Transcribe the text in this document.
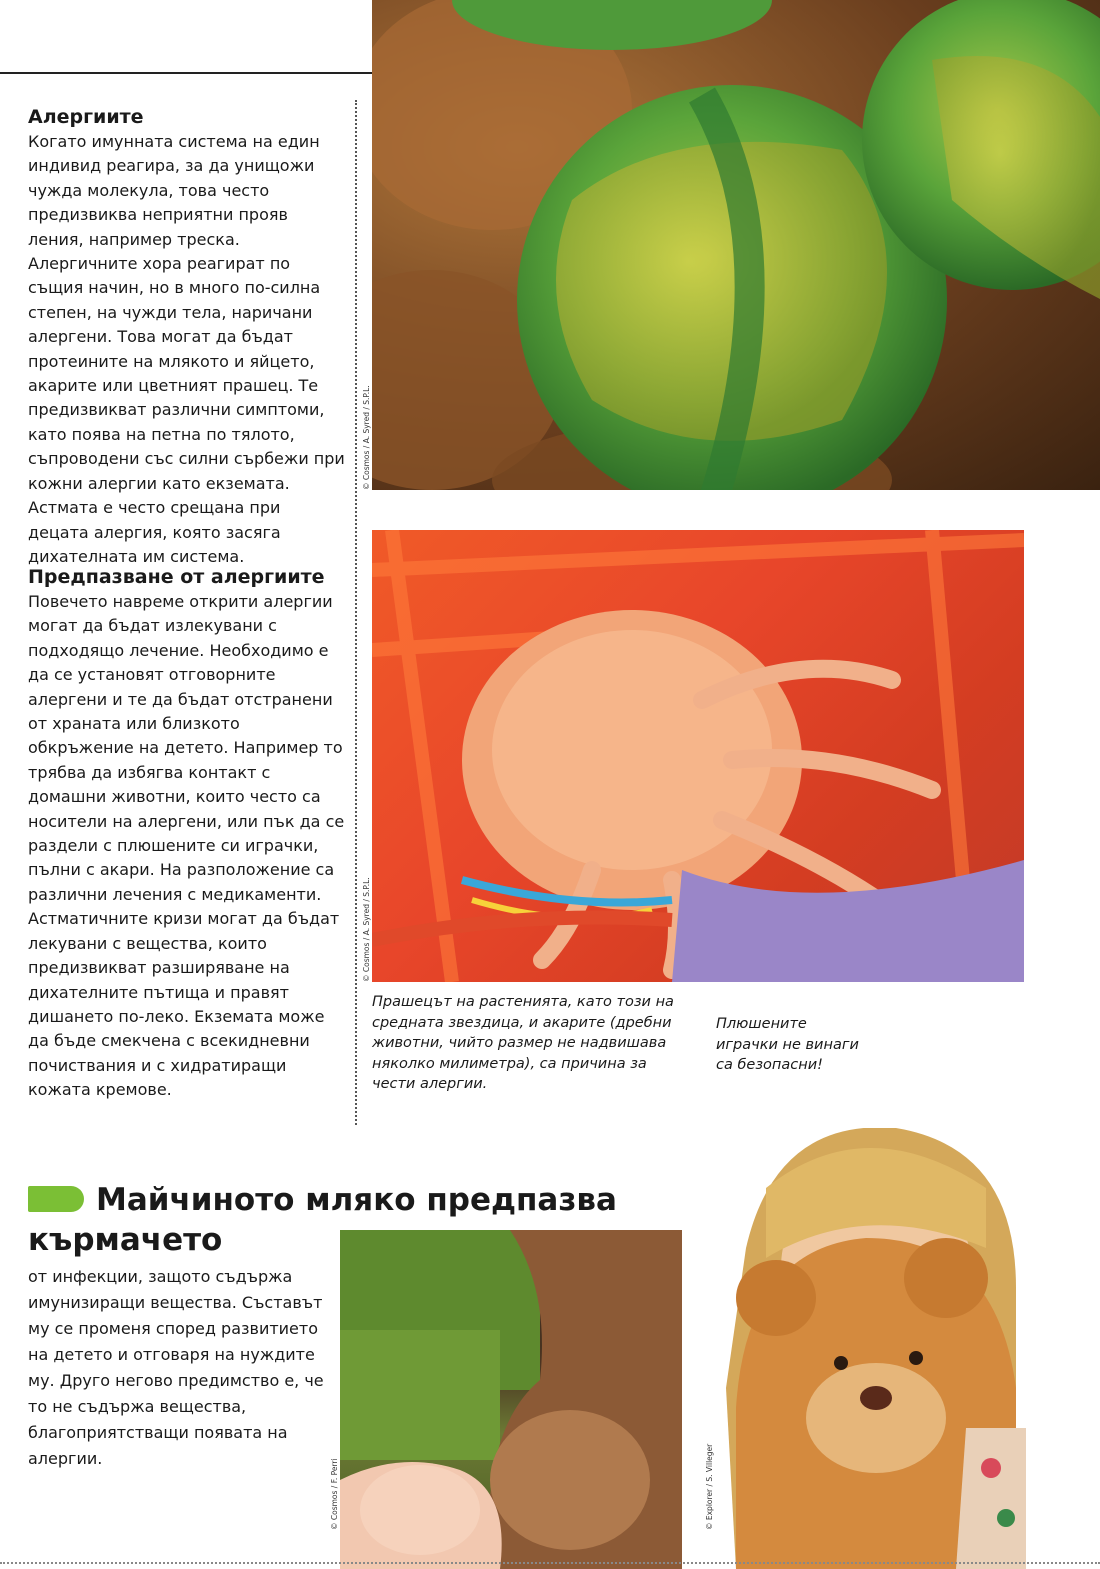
Алергиите

Когато имунната система на един индивид реагира, за да унищожи чужда молекула, това често предизвиква неприятни прояв ления, например треска. Алергичните хора реагират по същия начин, но в много по-силна степен, на чужди тела, наричани алергени. Това могат да бъдат протеините на млякото и яйцето, акарите или цветният прашец. Те предизвикват различни симптоми, като поява на петна по тялото, съпроводени със силни сърбежи при кожни алергии като екземата. Астмата е често срещана при децата алергия, която засяга дихателната им система.

Предпазване от алергиите

Повечето навреме открити алергии могат да бъдат излекувани с подходящо лечение. Необходимо е да се установят отговорните алергени и те да бъдат отстранени от храната или близкото обкръжение на детето. Например то трябва да избягва контакт с домашни животни, които често са носители на алергени, или пък да се раздели с плюшените си играчки, пълни с акари. На разположение са различни лечения с медикаменти. Астматичните кризи могат да бъдат лекувани с вещества, които предизвикват разширяване на дихателните пътища и правят дишането по-леко. Екземата може да бъде смекчена с всекидневни почиствания и с хидратиращи кожата кремове.

© Cosmos / A. Syred / S.P.L.
© Cosmos / A. Syred / S.P.L.
Прашецът на растенията, като този на средната звездица, и акарите (дребни животни, чийто размер не надвишава няколко милиметра), са причина за чести алергии.
Плюшените играчки не винаги са безопасни!
© Explorer / S. Villeger
© Cosmos / F. Perri
Майчиното мляко предпазва
кърмачето
от инфекции, защото съдържа имунизиращи вещества. Съставът му се променя според развитието на детето и отговаря на нуждите му. Друго негово предимство е, че то не съдържа вещества, благоприятстващи появата на алергии.
